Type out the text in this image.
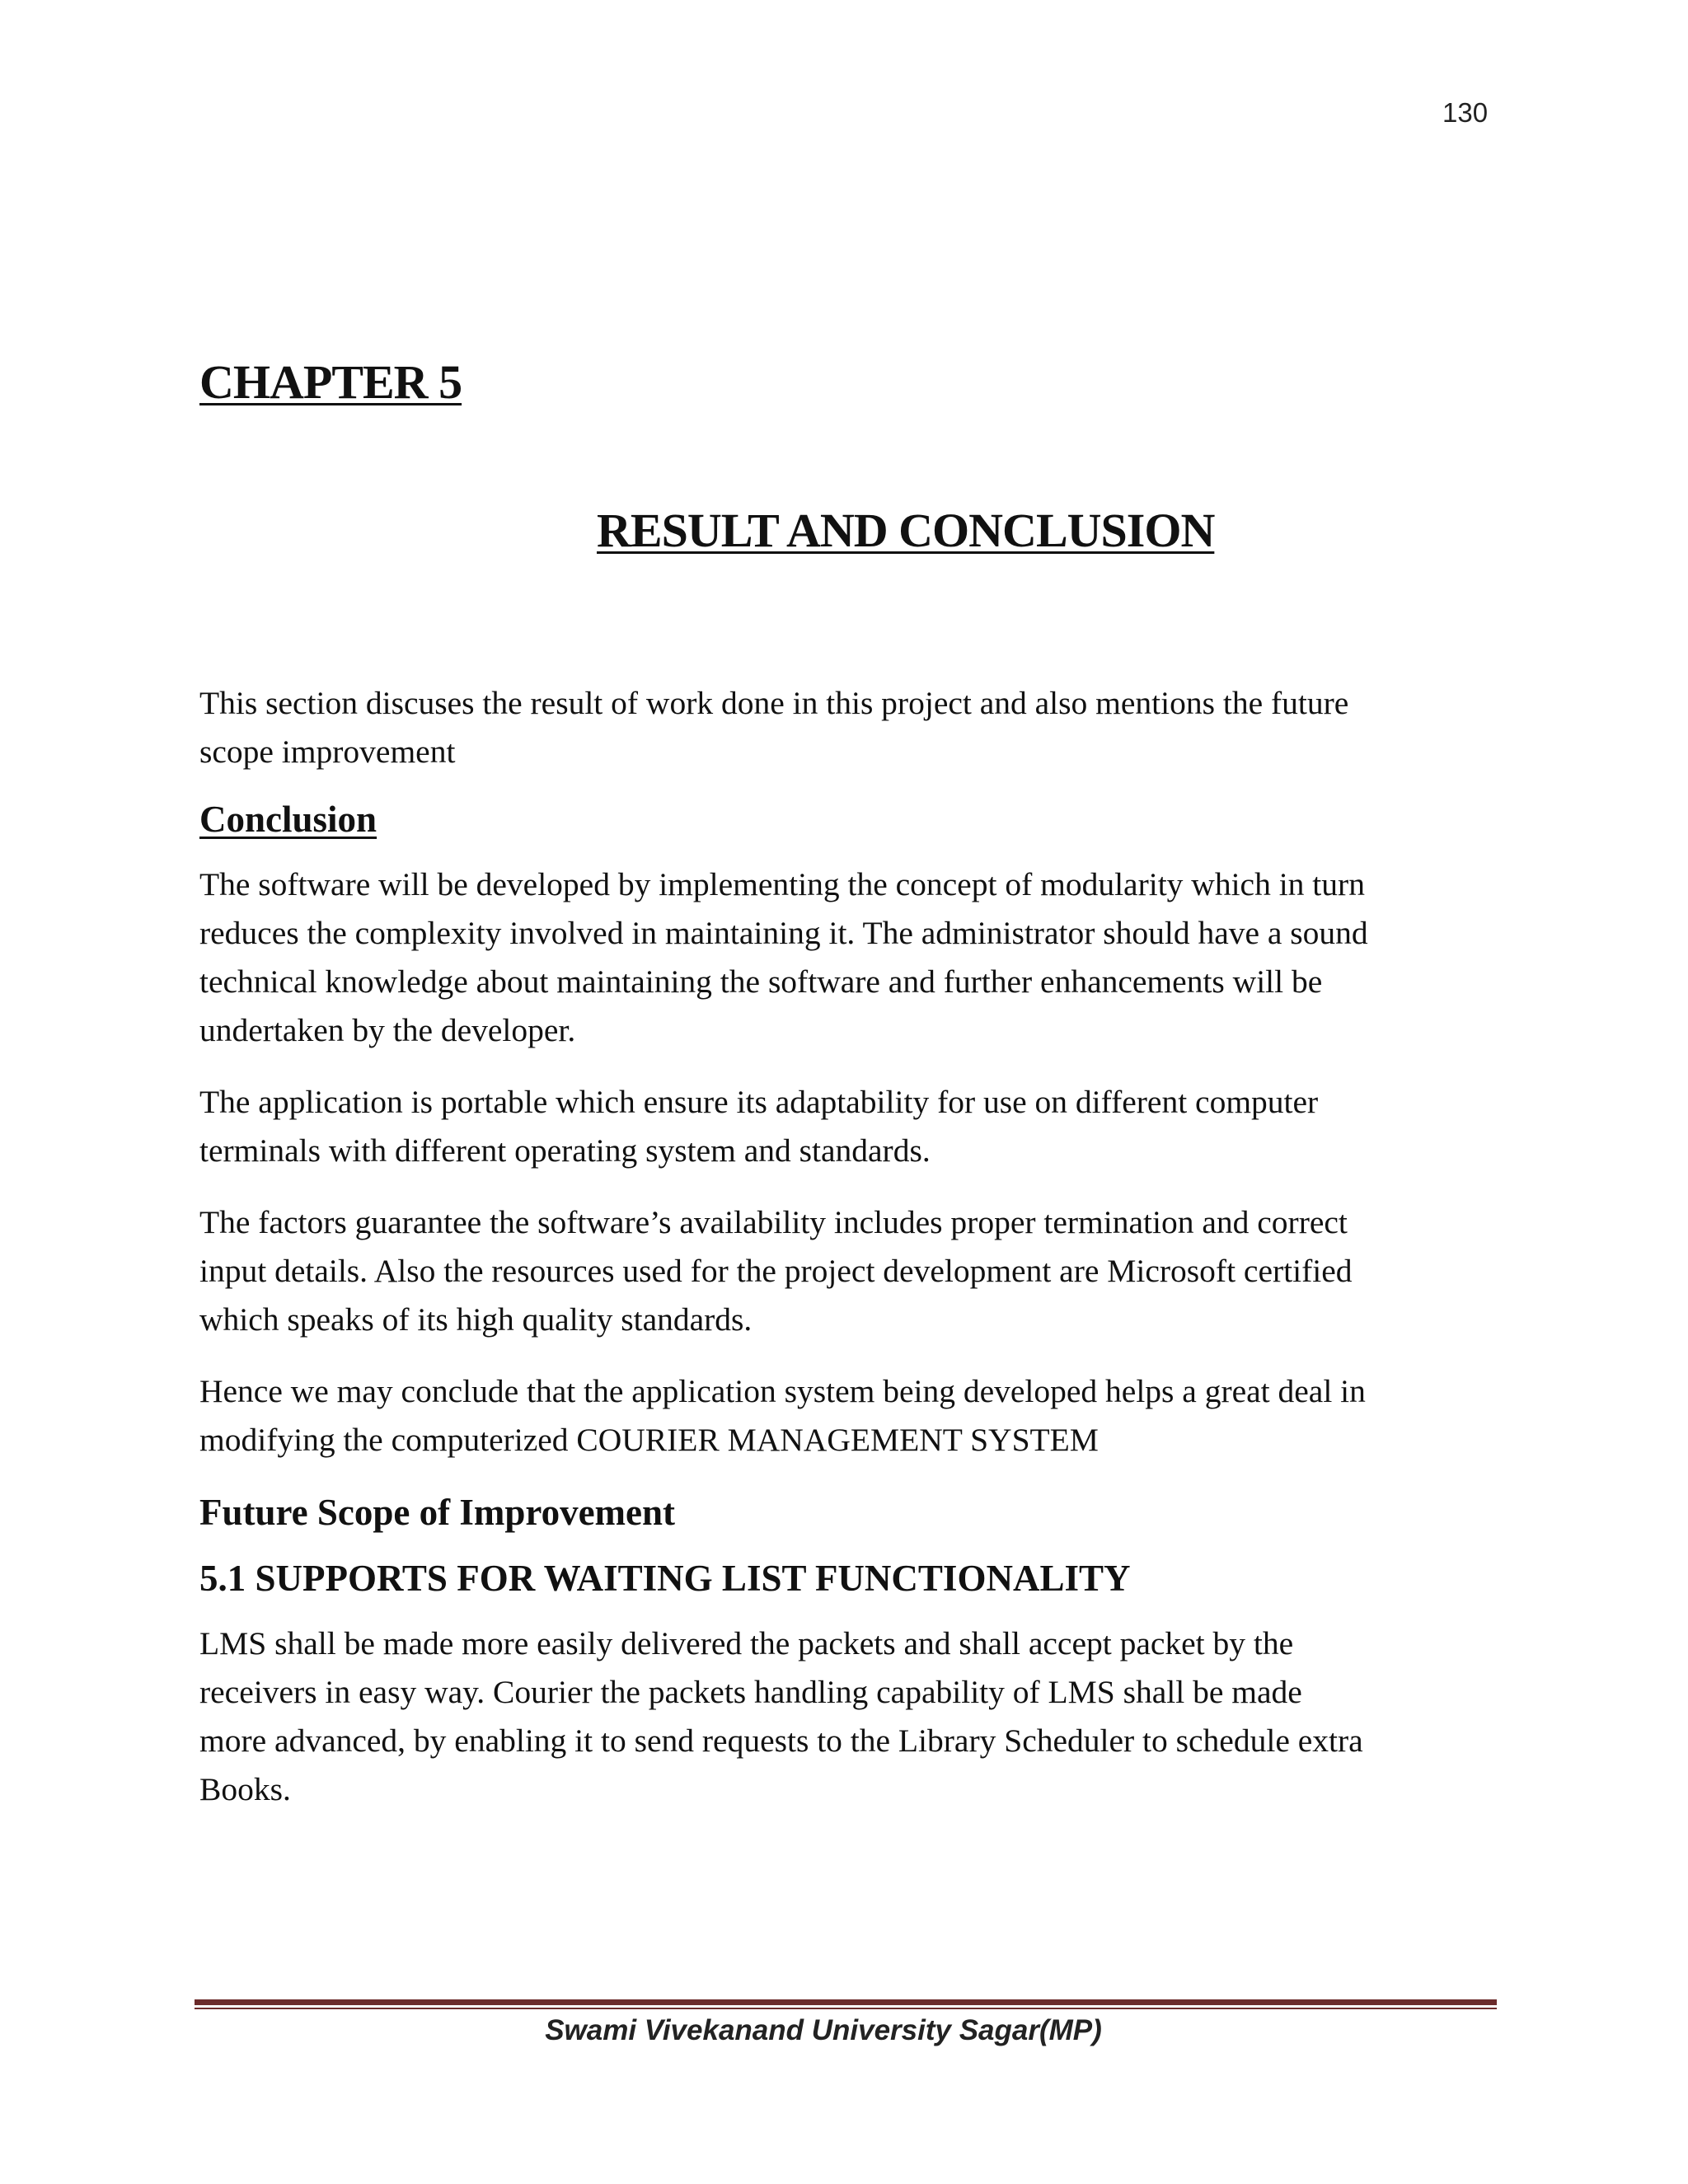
130
CHAPTER 5
RESULT AND CONCLUSION

This section discuses the result of work done in this project and also mentions the future
scope improvement

Conclusion

The software will be developed by implementing the concept of modularity which in turn
reduces the complexity involved in maintaining it. The administrator should have a sound
technical knowledge about maintaining the software and further enhancements will be
undertaken by the developer.

The application is portable which ensure its adaptability for use on different computer
terminals with different operating system and standards.

The factors guarantee the software’s availability includes proper termination and correct
input details. Also the resources used for the project development are Microsoft certified
which speaks of its high quality standards.

Hence we may conclude that the application system being developed helps a great deal in
modifying the computerized COURIER MANAGEMENT SYSTEM

Future Scope of Improvement
5.1 SUPPORTS FOR WAITING LIST FUNCTIONALITY

LMS shall be made more easily delivered the packets and shall accept packet by the
receivers in easy way. Courier the packets handling capability of LMS shall be made
more advanced, by enabling it to send requests to the Library Scheduler to schedule extra
Books.

Swami Vivekanand University Sagar(MP)
